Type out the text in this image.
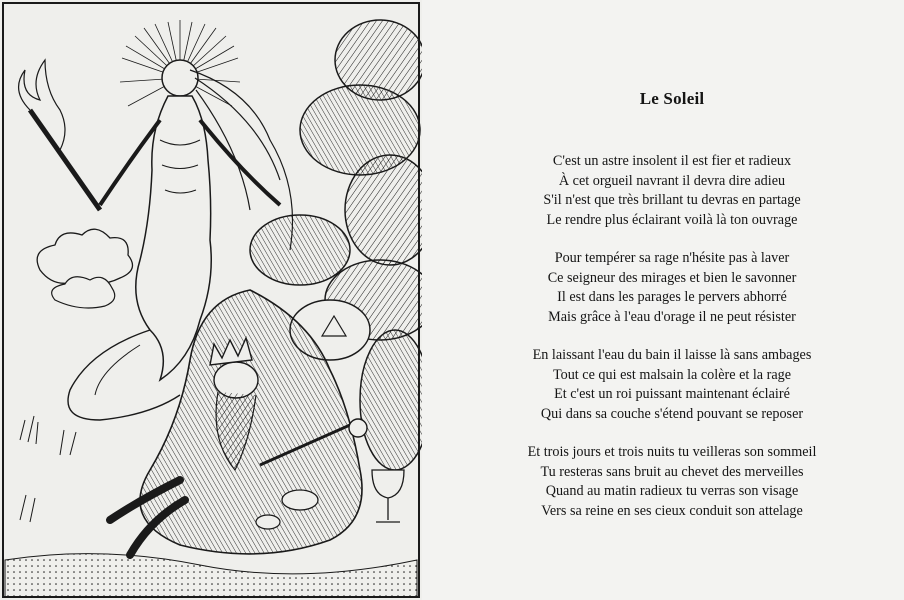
Le Soleil
C'est un astre insolent il est fier et radieux
À cet orgueil navrant il devra dire adieu
S'il n'est que très brillant tu devras en partage
Le rendre plus éclairant voilà là ton ouvrage
Pour tempérer sa rage n'hésite pas à laver
Ce seigneur des mirages et bien le savonner
Il est dans les parages le pervers abhorré
Mais grâce à l'eau d'orage il ne peut résister
En laissant l'eau du bain il laisse là sans ambages
Tout ce qui est malsain la colère et la rage
Et c'est un roi puissant maintenant éclairé
Qui dans sa couche s'étend pouvant se reposer
Et trois jours et trois nuits tu veilleras son sommeil
Tu resteras sans bruit au chevet des merveilles
Quand au matin radieux tu verras son visage
Vers sa reine en ses cieux conduit son attelage
